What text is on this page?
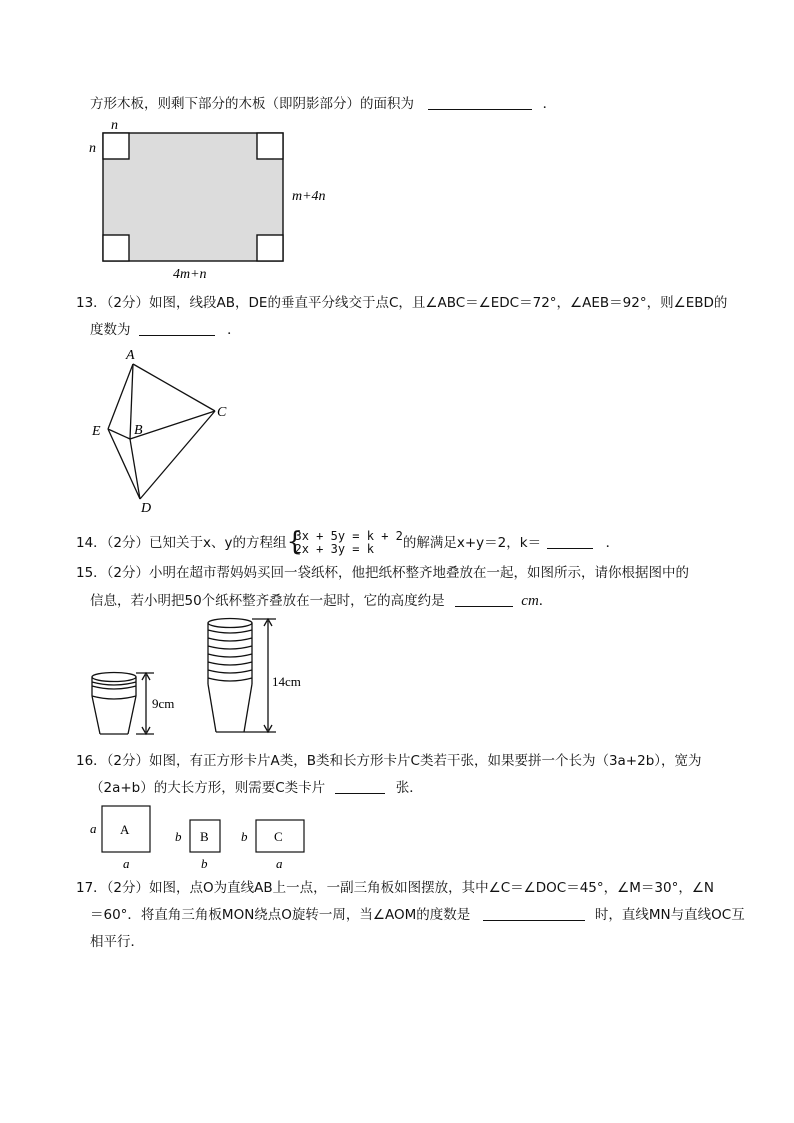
方形木板，则剩下部分的木板（即阴影部分）的面积为	．
n
n
m+4n
4m+n
13．（2分）如图，线段AB，DE的垂直平分线交于点C，且∠ABC＝∠EDC＝72°，∠AEB＝92°，则∠EBD的
度数为	．
A
B
C
D
E
14．（2分）已知关于x、y的方程组 {
3x + 5y = k + 2
2x + 3y = k	的解满足x+y＝2，k＝	．
15．（2分）小明在超市帮妈妈买回一袋纸杯，他把纸杯整齐地叠放在一起，如图所示，请你根据图中的
信息，若小明把50个纸杯整齐叠放在一起时，它的高度约是	cm．
9cm
14cm
16．（2分）如图，有正方形卡片A类，B类和长方形卡片C类若干张，如果要拼一个长为（3a+2b），宽为
（2a+b）的大长方形，则需要C类卡片	张．
a A
a
b B
b
b C
a
17．（2分）如图，点O为直线AB上一点，一副三角板如图摆放，其中∠C＝∠DOC＝45°，∠M＝30°，∠N
＝60°．将直角三角板MON绕点O旋转一周，当∠AOM的度数是	时，直线MN与直线OC互
相平行．
